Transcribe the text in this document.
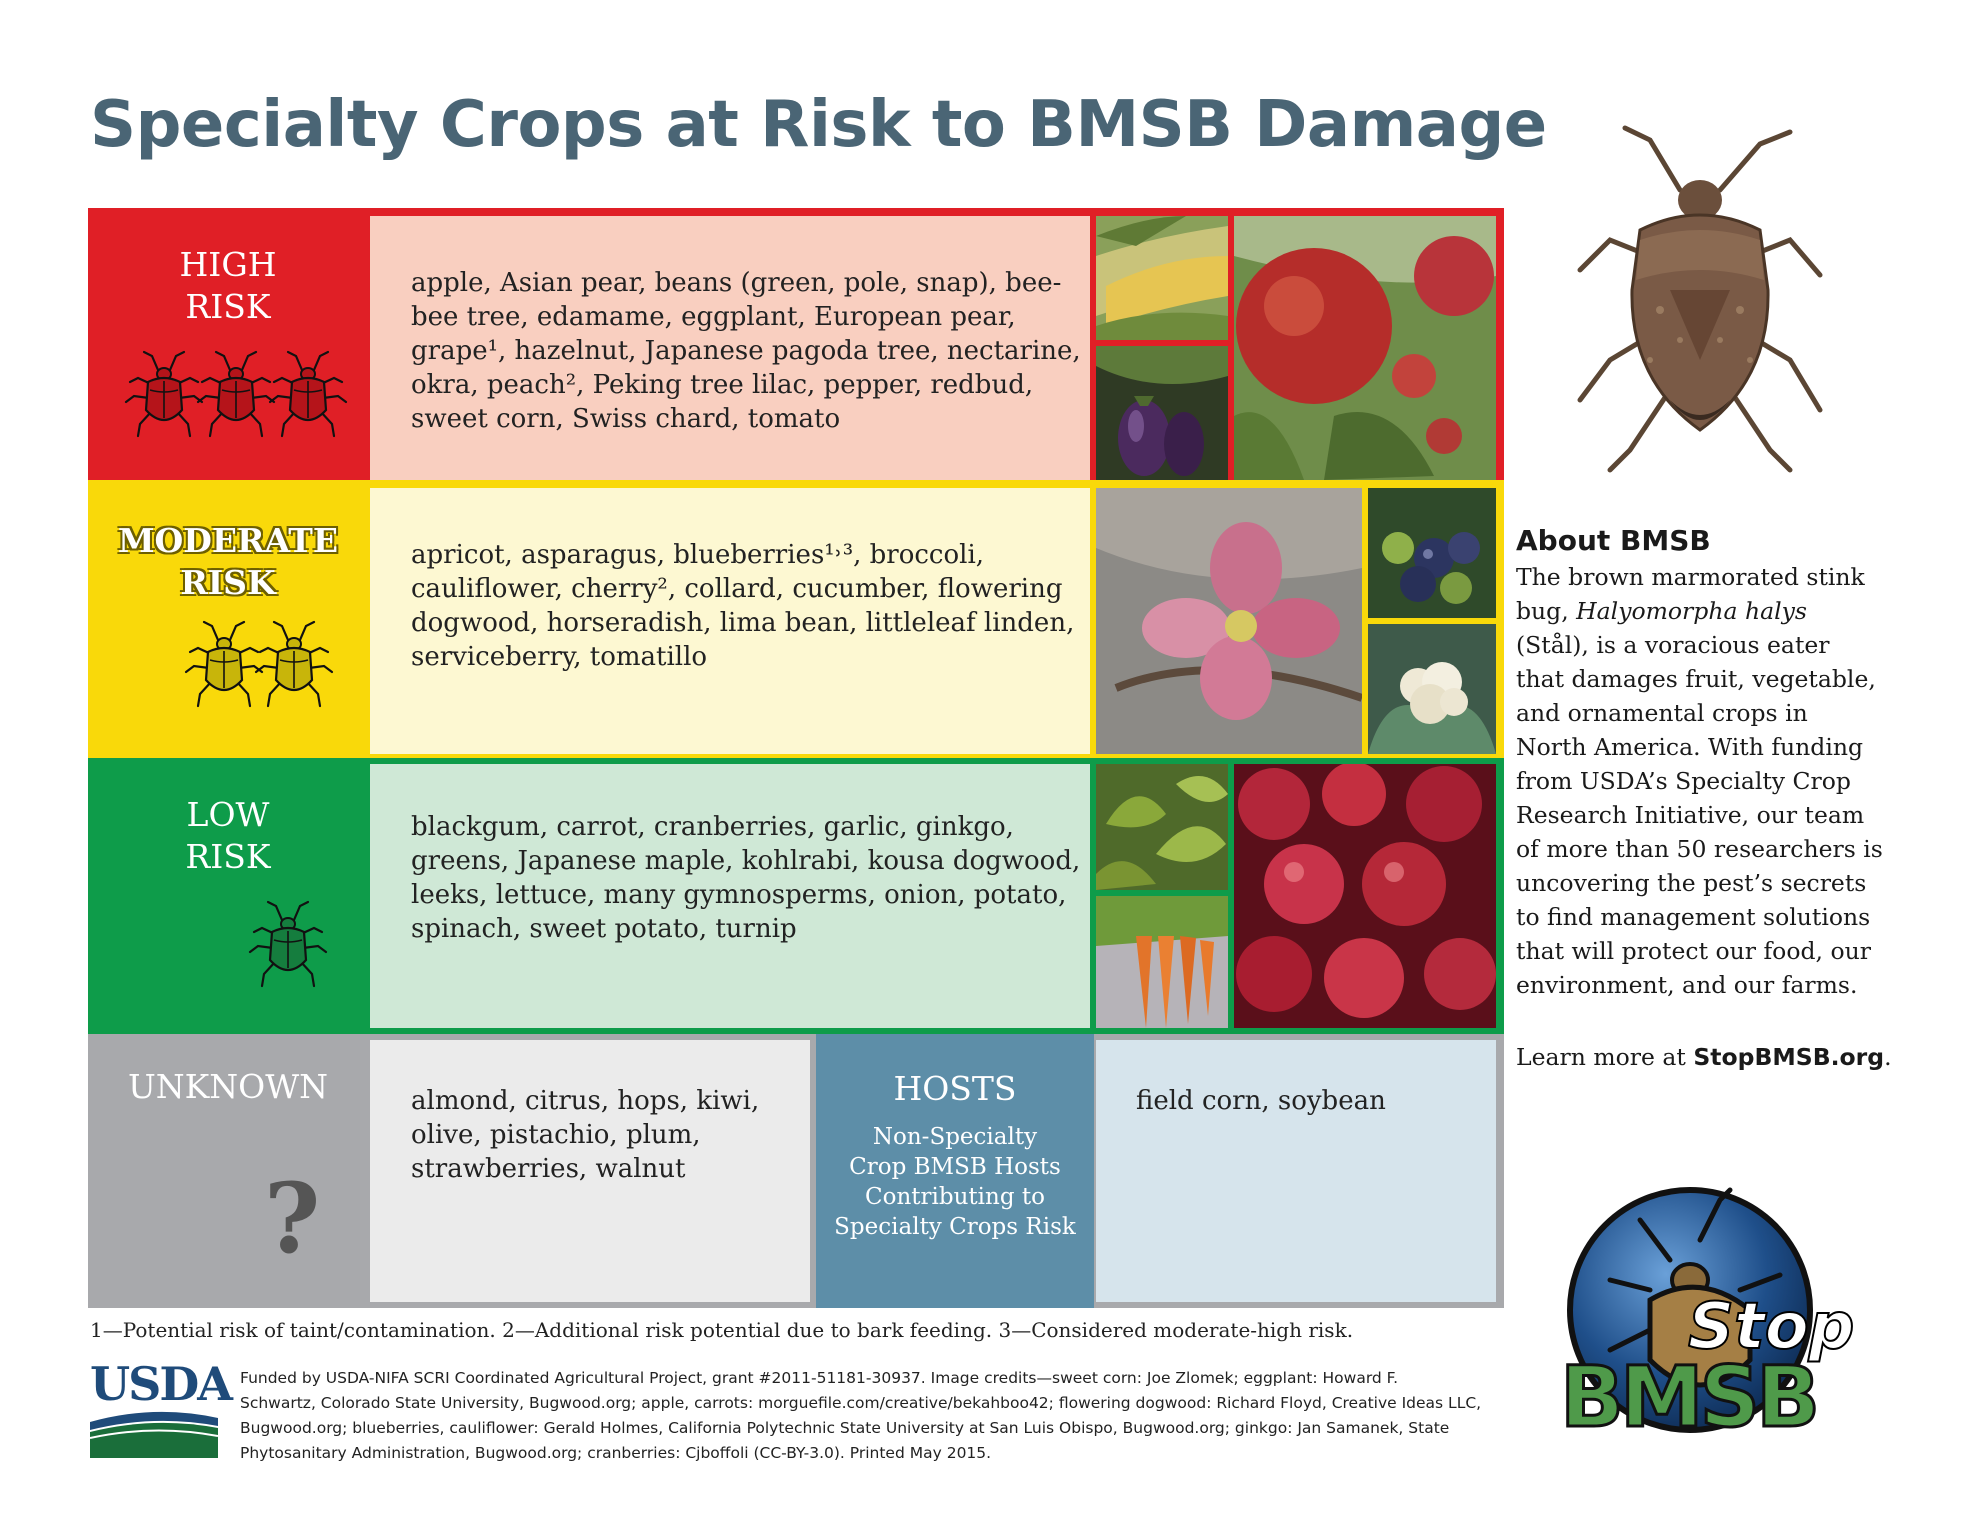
Specialty Crops at Risk to BMSB Damage
HIGH
RISK
apple, Asian pear, beans (green, pole, snap), bee-
bee tree, edamame, eggplant, European pear,
grape¹, hazelnut, Japanese pagoda tree, nectarine,
okra, peach², Peking tree lilac, pepper, redbud,
sweet corn, Swiss chard, tomato
MODERATE
RISK
apricot, asparagus, blueberries¹˒³, broccoli,
cauliflower, cherry², collard, cucumber, flowering
dogwood, horseradish, lima bean, littleleaf linden,
serviceberry, tomatillo
LOW
RISK
blackgum, carrot, cranberries, garlic, ginkgo,
greens, Japanese maple, kohlrabi, kousa dogwood,
leeks, lettuce, many gymnosperms, onion, potato,
spinach, sweet potato, turnip
UNKNOWN
?
almond, citrus, hops, kiwi,
olive, pistachio, plum,
strawberries, walnut
HOSTS
Non-Specialty
Crop BMSB Hosts
Contributing to
Specialty Crops Risk
field corn, soybean
About BMSB
The brown marmorated stink
bug, Halyomorpha halys
(Stål), is a voracious eater
that damages fruit, vegetable,
and ornamental crops in
North America. With funding
from USDA’s Specialty Crop
Research Initiative, our team
of more than 50 researchers is
uncovering the pest’s secrets
to find management solutions
that will protect our food, our
environment, and our farms.
Learn more at StopBMSB.org.
Stop
BMSB
1—Potential risk of taint/contamination. 2—Additional risk potential due to bark feeding. 3—Considered moderate-high risk.
USDA Funded by USDA-NIFA SCRI Coordinated Agricultural Project, grant #2011-51181-30937. Image credits—sweet corn: Joe Zlomek; eggplant: Howard F.
Schwartz, Colorado State University, Bugwood.org; apple, carrots: morguefile.com/creative/bekahboo42; flowering dogwood: Richard Floyd, Creative Ideas LLC,
Bugwood.org; blueberries, cauliflower: Gerald Holmes, California Polytechnic State University at San Luis Obispo, Bugwood.org; ginkgo: Jan Samanek, State
Phytosanitary Administration, Bugwood.org; cranberries: Cjboffoli (CC-BY-3.0). Printed May 2015.
